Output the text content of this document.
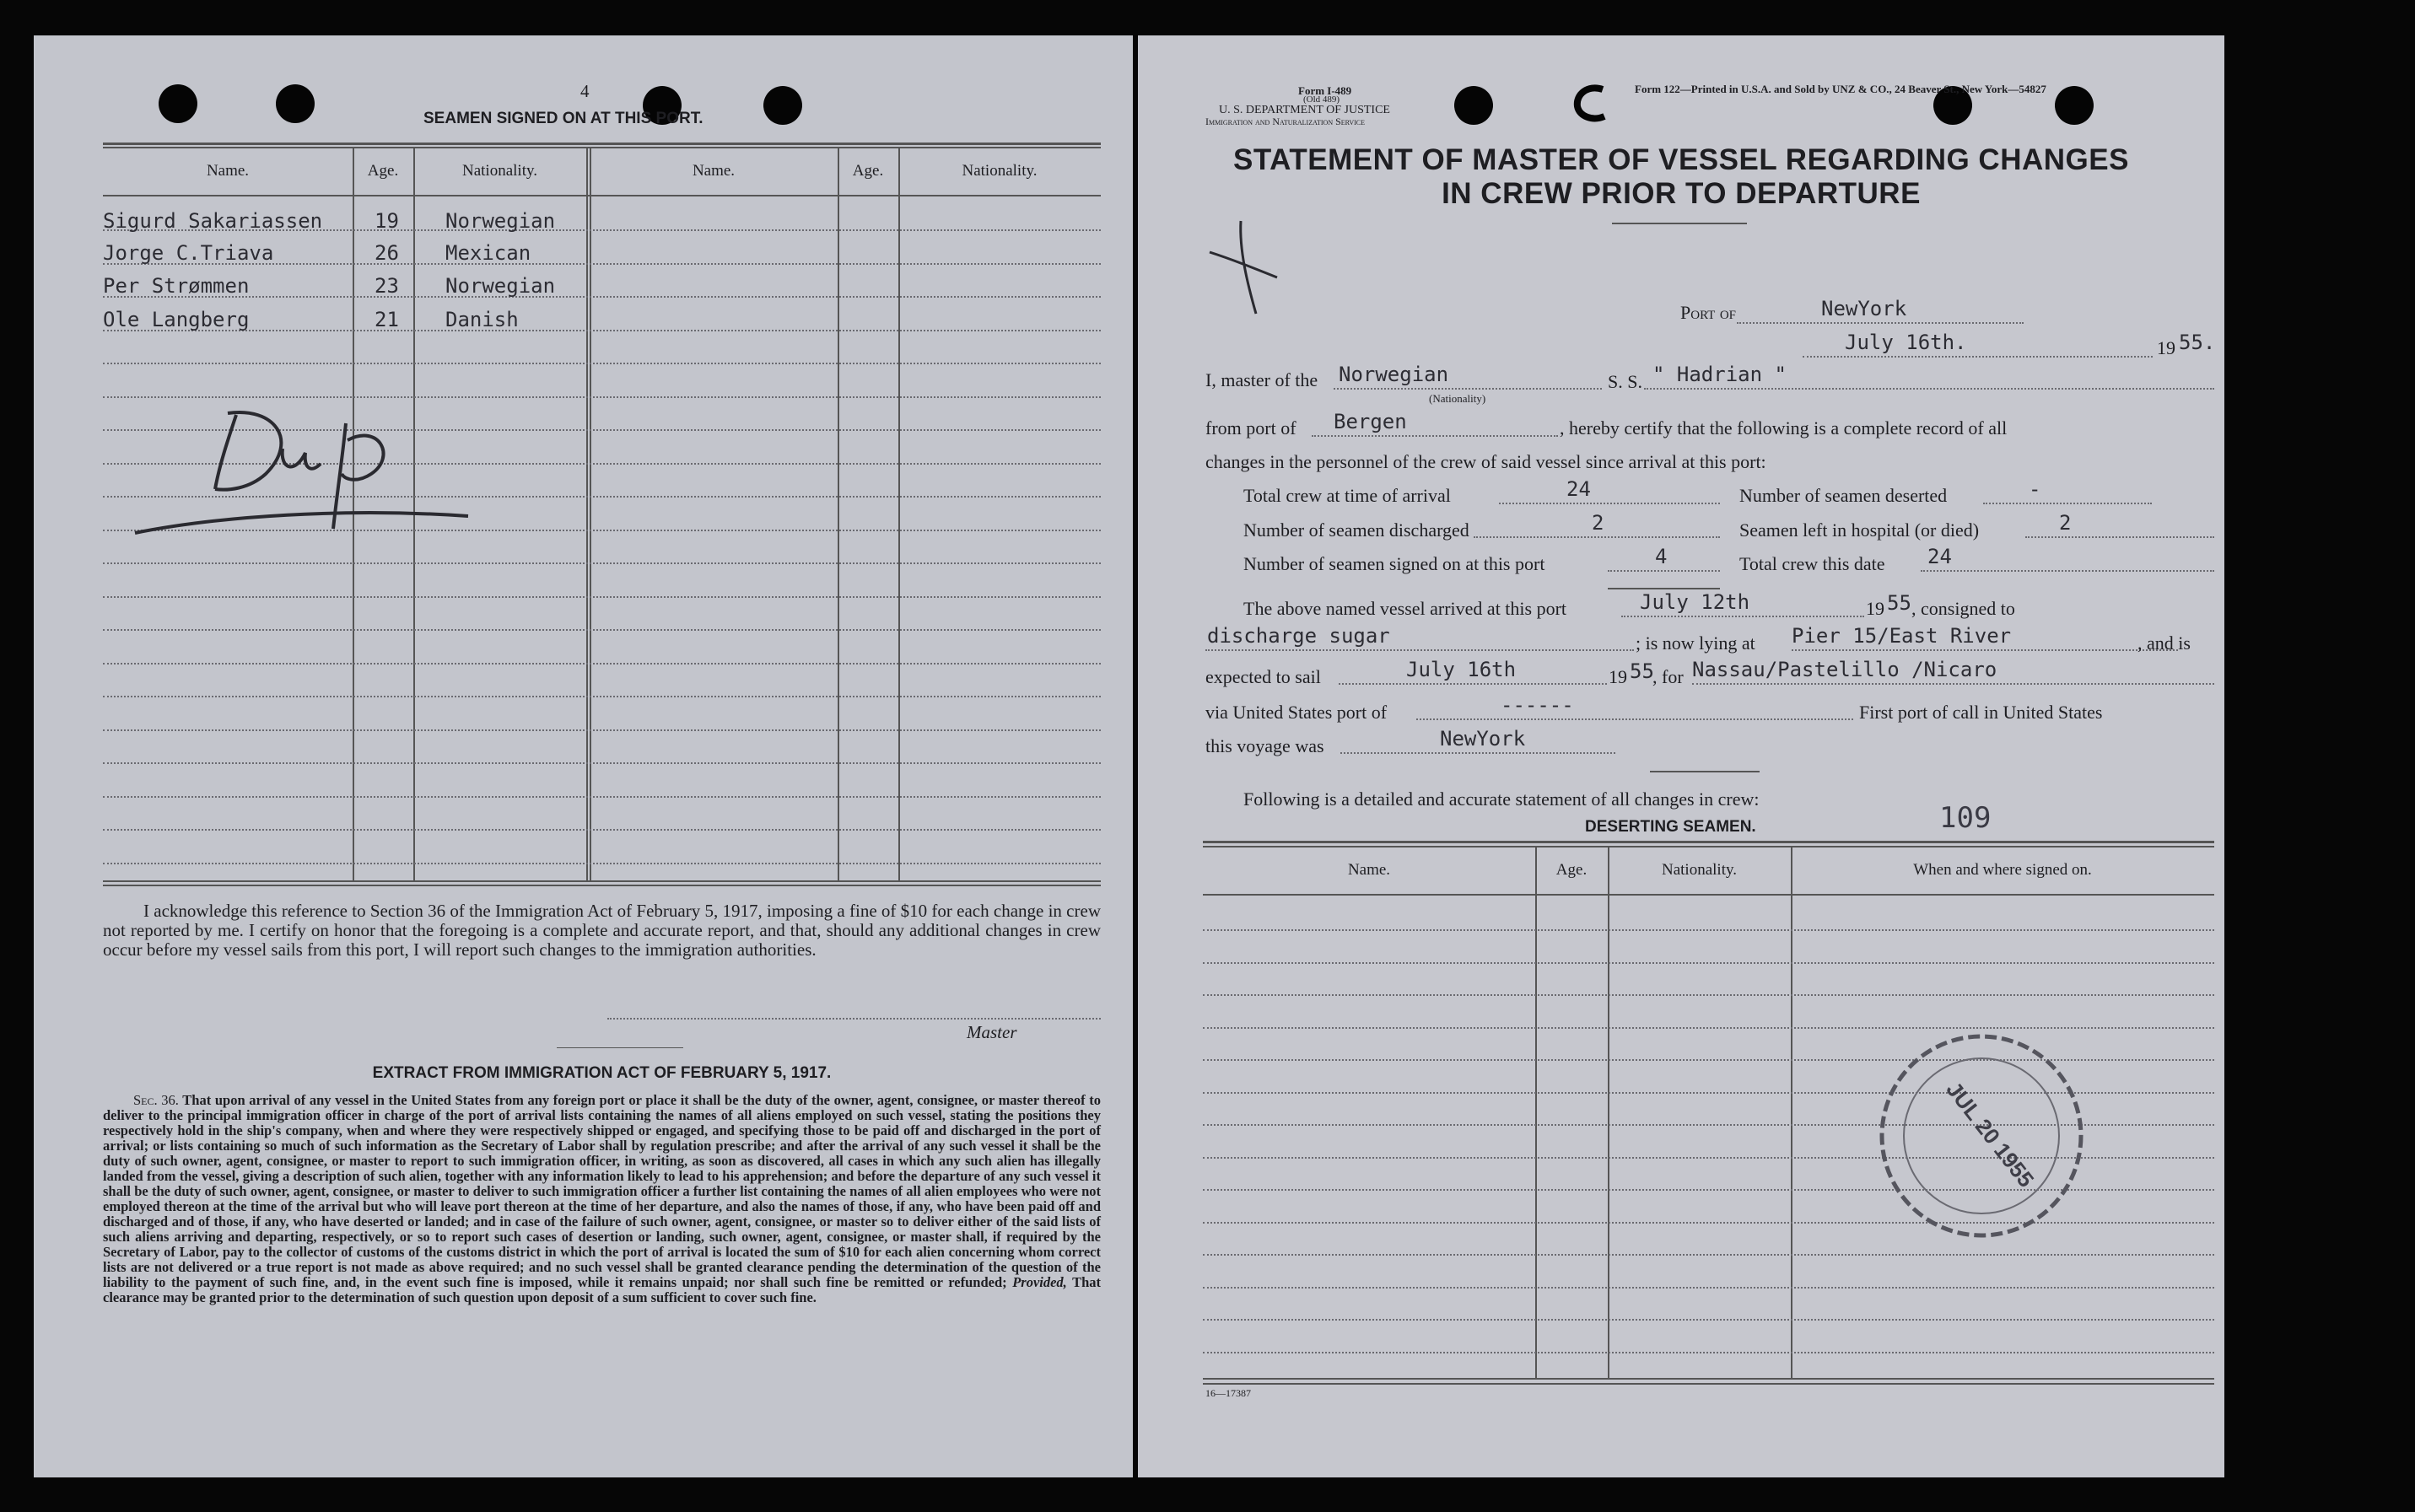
4
SEAMEN SIGNED ON AT THIS PORT.
Name.	Age.	Nationality.	Name.	Age.	Nationality.
Sigurd Sakariassen	19 Norwegian
Jorge C.Triava	26 Mexican
Per Strømmen	23 Norwegian
Ole Langberg	21 Danish
I acknowledge this reference to Section 36 of the Immigration Act of February 5, 1917, imposing a fine of $10 for each change in crew not reported by me. I certify on honor that the foregoing is a complete and accurate report, and that, should any additional changes in crew occur before my vessel sails from this port, I will report such changes to the immigration authorities.
Master
EXTRACT FROM IMMIGRATION ACT OF FEBRUARY 5, 1917.

Sec. 36. That upon arrival of any vessel in the United States from any foreign port or place it shall be the duty of the owner, agent, consignee, or master thereof to deliver to the principal immigration officer in charge of the port of arrival lists containing the names of all aliens employed on such vessel, stating the positions they respectively hold in the ship's company, when and where they were respectively shipped or engaged, and specifying those to be paid off and discharged in the port of arrival; or lists containing so much of such information as the Secretary of Labor shall by regulation prescribe; and after the arrival of any such vessel it shall be the duty of such owner, agent, consignee, or master to report to such immigration officer, in writing, as soon as discovered, all cases in which any such alien has illegally landed from the vessel, giving a description of such alien, together with any information likely to lead to his apprehension; and before the departure of any such vessel it shall be the duty of such owner, agent, consignee, or master to deliver to such immigration officer a further list containing the names of all alien employees who were not employed thereon at the time of the arrival but who will leave port thereon at the time of her departure, and also the names of those, if any, who have been paid off and discharged and of those, if any, who have deserted or landed; and in case of the failure of such owner, agent, consignee, or master so to deliver either of the said lists of such aliens arriving and departing, respectively, or so to report such cases of desertion or landing, such owner, agent, consignee, or master shall, if required by the Secretary of Labor, pay to the collector of customs of the customs district in which the port of arrival is located the sum of $10 for each alien concerning whom correct lists are not delivered or a true report is not made as above required; and no such vessel shall be granted clearance pending the determination of the question of the liability to the payment of such fine, and, in the event such fine is imposed, while it remains unpaid; nor shall such fine be remitted or refunded; Provided, That clearance may be granted prior to the determination of such question upon deposit of a sum sufficient to cover such fine.

Form I-489
(Old 489)
U. S. DEPARTMENT OF JUSTICE
Immigration and Naturalization Service
Form 122—Printed in U.S.A. and Sold by UNZ & CO., 24 Beaver St., New York—54827
STATEMENT OF MASTER OF VESSEL REGARDING CHANGES
IN CREW PRIOR TO DEPARTURE
Port of	NewYork
July 16th.	19 55.
I, master of the Norwegian
(Nationality)
S. S. " Hadrian "
from port of Bergen	, hereby certify that the following is a complete record of all
changes in the personnel of the crew of said vessel since arrival at this port:
Total crew at time of arrival	24	Number of seamen deserted	-
Number of seamen discharged	2	Seamen left in hospital (or died)	2
Number of seamen signed on at this port	4	Total crew this date 24
The above named vessel arrived at this port	July 12th	19 55 , consigned to
discharge sugar	; is now lying at Pier 15/East River	, and is
expected to sail	July 16th	19 55
, for Nassau/Pastelillo /Nicaro
via United States port of	------	First port of call in United States
this voyage was	NewYork
Following is a detailed and accurate statement of all changes in crew:
109
DESERTING SEAMEN.
Name.	Age.	Nationality.	When and where signed on.
JUL 20 1955
16—17387
